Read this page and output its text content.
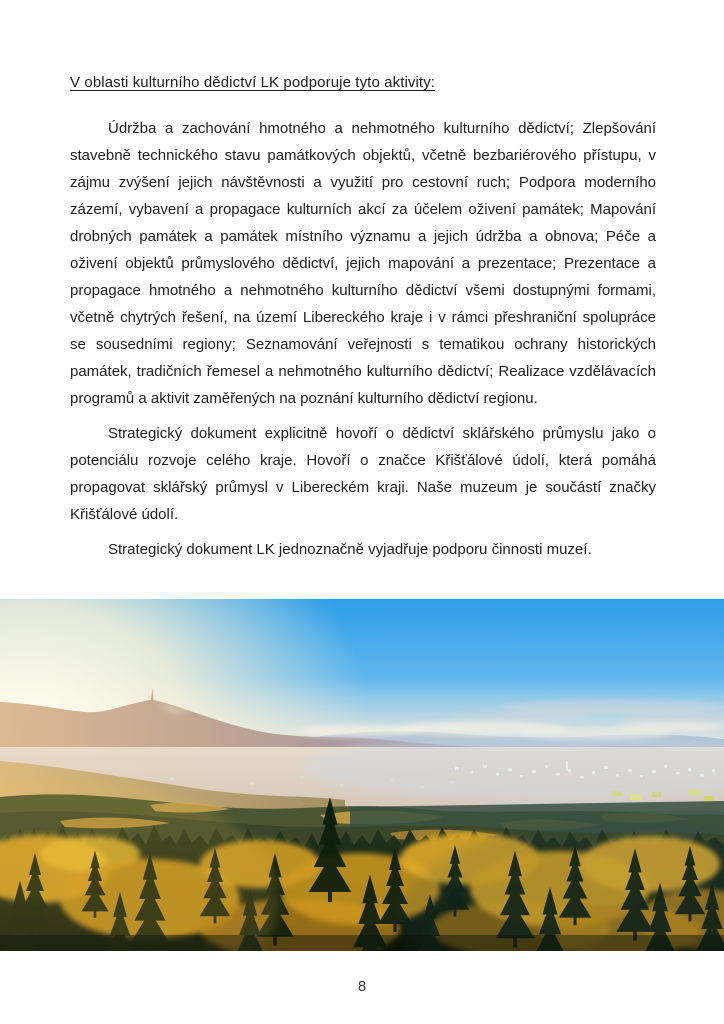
V oblasti kulturního dědictví LK podporuje tyto aktivity:

Údržba a zachování hmotného a nehmotného kulturního dědictví; Zlepšování stavebně technického stavu památkových objektů, včetně bezbariérového přístupu, v zájmu zvýšení jejich návštěvnosti a využití pro cestovní ruch; Podpora moderního zázemí, vybavení a propagace kulturních akcí za účelem oživení památek; Mapování drobných památek a památek místního významu a jejich údržba a obnova; Péče a oživení objektů průmyslového dědictví, jejich mapování a prezentace; Prezentace a propagace hmotného a nehmotného kulturního dědictví všemi dostupnými formami, včetně chytrých řešení, na území Libereckého kraje i v rámci přeshraniční spolupráce se sousedními regiony; Seznamování veřejnosti s tematikou ochrany historických památek, tradičních řemesel a nehmotného kulturního dědictví; Realizace vzdělávacích programů a aktivit zaměřených na poznání kulturního dědictví regionu.

Strategický dokument explicitně hovoří o dědictví sklářského průmyslu jako o potenciálu rozvoje celého kraje. Hovoří o značce Křišťálové údolí, která pomáhá propagovat sklářský průmysl v Libereckém kraji. Naše muzeum je součástí značky Křišťálové údolí.

Strategický dokument LK jednoznačně vyjadřuje podporu činnosti muzeí.

8
